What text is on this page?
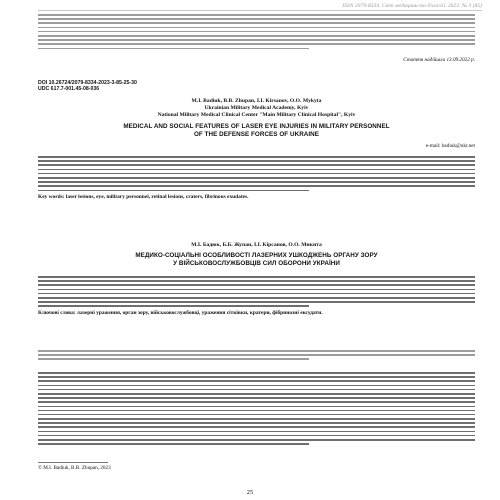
ISSN 2079-8334. Світ медицини та біології. 2023. № 3 (85)
Стаття надійшла 13.09.2022 р.
DOI 10.26724/2079-8334-2023-3-85-25-30
UDC 617.7-001.45-08-036
M.I. Badiuk, B.B. Zhupan, I.I. Kirsanov, O.O. Mykyta
Ukrainian Military Medical Academy, Kyiv
National Military Medical Clinical Center "Main Military Clinical Hospital", Kyiv
MEDICAL AND SOCIAL FEATURES OF LASER EYE INJURIES IN MILITARY PERSONNEL
OF THE DEFENSE FORCES OF UKRAINE
e-mail: badiuk@ukr.net
Key words: laser lesions, eye, military personnel, retinal lesions, craters, fibrinous exudates.
М.І. Бадюк, Б.Б. Жупан, І.І. Кірсанов, О.О. Микита
МЕДИКО-СОЦІАЛЬНІ ОСОБЛИВОСТІ ЛАЗЕРНИХ УШКОДЖЕНЬ ОРГАНУ ЗОРУ
У ВІЙСЬКОВОСЛУЖБОВЦІВ СИЛ ОБОРОНИ УКРАЇНИ
Ключові слова: лазерні ураження, орган зору, військовослужбовці, ураження сітківки, кратери, фібринозні ексудати.
© M.I. Badiuk, B.B. Zhupan, 2023
25
